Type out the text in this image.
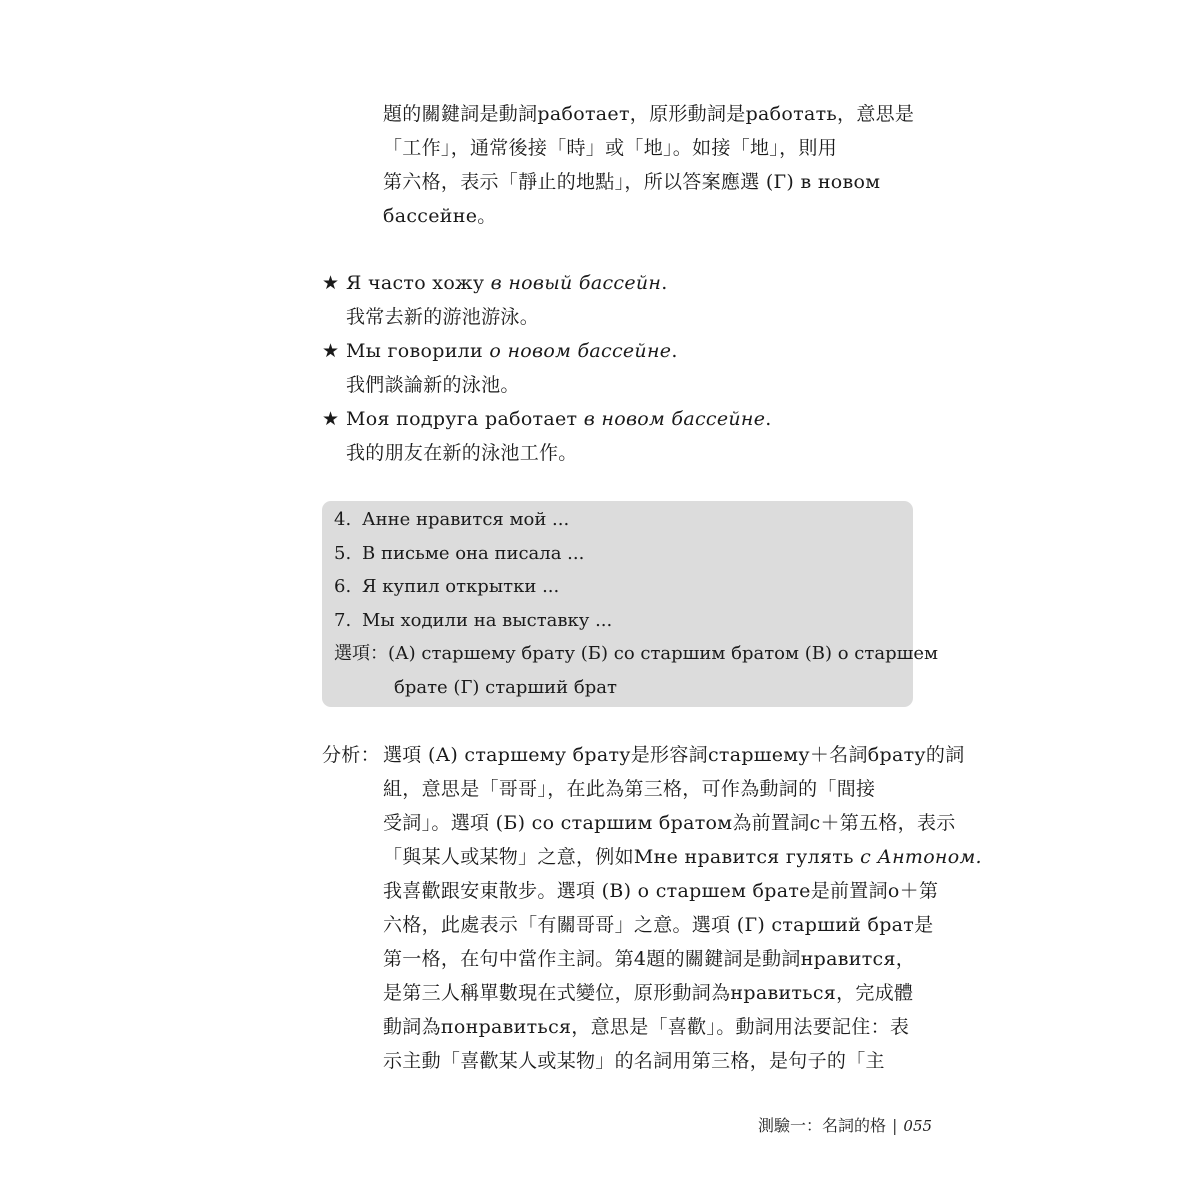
題的關鍵詞是動詞работает，原形動詞是работать，意思是
「工作」，通常後接「時」或「地」。如接「地」，則用
第六格，表示「靜止的地點」，所以答案應選 (Г) в новом
бассейне。
★ Я часто хожу в новый бассейн.
我常去新的游池游泳。
★ Мы говорили о новом бассейне.
我們談論新的泳池。
★ Моя подруга работает в новом бассейне.
我的朋友在新的泳池工作。
4. Анне нравится мой ...
5. В письме она писала ...
6. Я купил открытки ...
7. Мы ходили на выставку ...
選項：(А) старшему брату (Б) со старшим братом (В) о старшем
брате (Г) старший брат
分析： 選項 (А) старшему брату是形容詞старшему＋名詞брату的詞
組，意思是「哥哥」，在此為第三格，可作為動詞的「間接
受詞」。選項 (Б) со старшим братом為前置詞с＋第五格，表示
「與某人或某物」之意，例如Мне нравится гулять с Антоном.
我喜歡跟安東散步。選項 (В) о старшем брате是前置詞о＋第
六格，此處表示「有關哥哥」之意。選項 (Г) старший брат是
第一格，在句中當作主詞。第4題的關鍵詞是動詞нравится，
是第三人稱單數現在式變位，原形動詞為нравиться，完成體
動詞為понравиться，意思是「喜歡」。動詞用法要記住：表
示主動「喜歡某人或某物」的名詞用第三格，是句子的「主
測驗一：名詞的格 | 055
